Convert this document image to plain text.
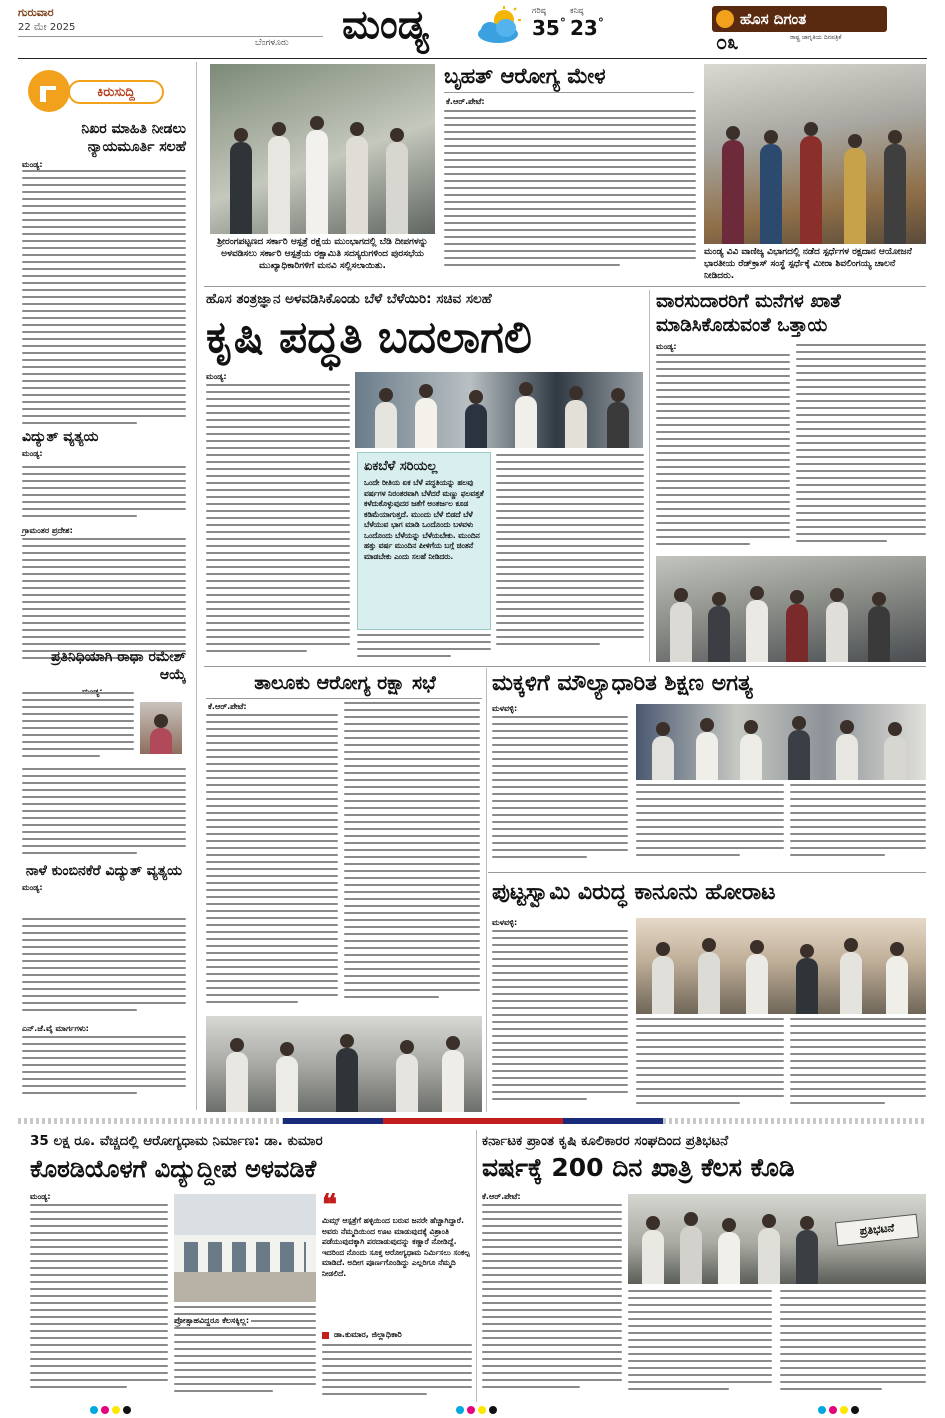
ಗುರುವಾರ
22 ಮೇ 2025
ಬೆಂಗಳೂರು ಮಂಡ್ಯ	ಗರಿಷ್ಠ
35 °
ಕನಿಷ್ಠ
23 °	ಹೊಸ ದಿಗಂತ
ರಾಷ್ಟ್ರ ಜಾಗೃತಿಯ ದಿನಪತ್ರಿಕೆ
೦೩
ಕಿರುಸುದ್ದಿ
ನಿಖರ ಮಾಹಿತಿ ನೀಡಲು ನ್ಯಾಯಮೂರ್ತಿ ಸಲಹೆ
ಮಂಡ್ಯ:
ವಿದ್ಯುತ್ ವ್ಯತ್ಯಯ
ಮಂಡ್ಯ:
ಗ್ರಾಮಂತರ ಪ್ರದೇಶ:
ಪ್ರತಿನಿಧಿಯಾಗಿ ರಾಧಾ ರಮೇಶ್ ಆಯ್ಕೆ
ನಾಳೆ ಕುಂಬಿನಕೆರೆ ವಿದ್ಯುತ್ ವ್ಯತ್ಯಯ
ಮಂಡ್ಯ:
ಎನ್.ಜೆ.ವೈ ಮಾರ್ಗಗಳು:
ಶ್ರೀರಂಗಪಟ್ಟಣದ ಸರ್ಕಾರಿ ಆಸ್ಪತ್ರೆ ರಕ್ಷೆಯ ಮುಂಭಾಗದಲ್ಲಿ ಬೆಡಿ ದೀಪಗಳನ್ನು ಅಳವಡಿಸಲು ಸರ್ಕಾರಿ ಆಸ್ಪತ್ರೆಯ ರಕ್ಷಾಮಿತಿ ಸದಸ್ಯರುಗಳಿಂದ ಪುರಸಭೆಯ ಮುಖ್ಯಾಧಿಕಾರಿಗಳಿಗೆ ಮನವಿ ಸಲ್ಲಿಸಲಾಯಿತು.
ಬೃಹತ್ ಆರೋಗ್ಯ ಮೇಳ
ಕೆ.ಆರ್.ಪೇಟೆ:
ಮಂಡ್ಯ ವಿವಿ ವಾಣಿಜ್ಯ ವಿಭಾಗದಲ್ಲಿ ನಡೆದ ಸ್ಪರ್ಧೆಗಳ ರಕ್ಷದಾನ ಆಯೋಜನೆ ಭಾರತೀಯ ರೆಡ್‌ಕ್ರಾಸ್ ಸಂಸ್ಥೆ ಸ್ಪರ್ಧೆಕ್ಕೆ ಮೀರಾ ಶಿವಲಿಂಗಯ್ಯ ಚಾಲನೆ ನೀಡಿದರು.
ಹೊಸ ತಂತ್ರಜ್ಞಾನ ಅಳವಡಿಸಿಕೊಂಡು ಬೆಳೆ ಬೆಳೆಯಿರಿ: ಸಚಿವ ಸಲಹೆ
ಕೃಷಿ ಪದ್ಧತಿ ಬದಲಾಗಲಿ
ಮಂಡ್ಯ:
ಏಕಬೆಳೆ ಸರಿಯಲ್ಲ
ಒಂದೇ ರೀತಿಯ ಏಕ ಬೆಳೆ ಪದ್ಧತಿಯನ್ನು ಹಲವು ವರ್ಷಗಳ ನಿರಂತರವಾಗಿ ಬೆಳೆದರೆ ಮಣ್ಣು ಫಲವತ್ತತೆ ಕಳೆದುಕೊಳ್ಳುವುದರ ಜತೆಗೆ ಅಂತರ್ಜಲ ಕೂಡ ಕಡಿಮೆಯಾಗುತ್ತದೆ. ಮುಂದು ಬೆಳೆ ಬಿಡದೆ ಬೆಳೆ ಬೆಳೆಯುವ ಭಾಗ ಮಾಡಿ ಒಂದೊಂದು ಬಳವಳು ಒಂದೊಂದು ಬೆಳೆಯನ್ನು ಬೆಳೆಯಬೇಕು. ಮುಂದಿನ ಹತ್ತು ವರ್ಷ ಮುಂದಿನ ಪೀಳಿಗೆಯ ಬಗ್ಗೆ ಚಿಂತನೆ ಮಾಡಬೇಕು ಎಂದು ಸಲಹೆ ನೀಡಿದರು.
ವಾರಸುದಾರರಿಗೆ ಮನೆಗಳ ಖಾತೆ ಮಾಡಿಸಿಕೊಡುವಂತೆ ಒತ್ತಾಯ
ಮಂಡ್ಯ:
ತಾಲೂಕು ಆರೋಗ್ಯ ರಕ್ಷಾ ಸಭೆ
ಕೆ.ಆರ್.ಪೇಟೆ:
ಮಕ್ಕಳಿಗೆ ಮೌಲ್ಯಾಧಾರಿತ ಶಿಕ್ಷಣ ಅಗತ್ಯ
ಮಳವಳ್ಳಿ:
ಪುಟ್ಟಸ್ವಾಮಿ ವಿರುದ್ಧ ಕಾನೂನು ಹೋರಾಟ
ಮಳವಳ್ಳಿ:
35 ಲಕ್ಷ ರೂ. ವೆಚ್ಚದಲ್ಲಿ ಆರೋಗ್ಯಧಾಮ ನಿರ್ಮಾಣ: ಡಾ. ಕುಮಾರ
ಕೊಠಡಿಯೊಳಗೆ ವಿದ್ಯುದ್ದೀಪ ಅಳವಡಿಕೆ
ಮಂಡ್ಯ:	❝
ಮಿಮ್ಸ್ ಆಸ್ಪತ್ರೆಗೆ ಹಳ್ಳಿಯಿಂದ ಬರುವ ಜನರೇ ಹೆಚ್ಚಾಗಿದ್ದಾರೆ. ಅವರು ನೆಮ್ಮದಿಯಿಂದ ಊಟ ಮಾಡುವುದಕ್ಕೆ ವಿಶ್ರಾಂತಿ ಪಡೆಯುವುದಕ್ಕಾಗಿ ಪರದಾಡುವುದನ್ನು ಕಣ್ಣಾರೆ ನೋಡಿದ್ದೆ. ಇದರಿಂದ ನೊಂದು ಸೂಕ್ತ ಆರೋಗ್ಯಧಾಮ ನಿರ್ಮಿಸಲು ಸಂಕಲ್ಪ ಮಾಡಿದೆ. ಅದೀಗ ಪೂರ್ಣಗೊಂಡಿದ್ದು ಎಲ್ಲರಿಗೂ ನೆಮ್ಮದಿ ನೀಡಲಿದೆ.
ಡಾ.ಕುಮಾರ, ಜಿಲ್ಲಾಧಿಕಾರಿ
ಪ್ರೋತ್ಸಾಹವಿದ್ದರೂ ಕೆಲಸಕ್ಕಿಲ್ಲ:
ಕರ್ನಾಟಕ ಪ್ರಾಂತ ಕೃಷಿ ಕೂಲಿಕಾರರ ಸಂಘದಿಂದ ಪ್ರತಿಭಟನೆ
ವರ್ಷಕ್ಕೆ 200 ದಿನ ಖಾತ್ರಿ ಕೆಲಸ ಕೊಡಿ
ಕೆ.ಆರ್.ಪೇಟೆ:
ಪ್ರತಿಭಟನೆ
